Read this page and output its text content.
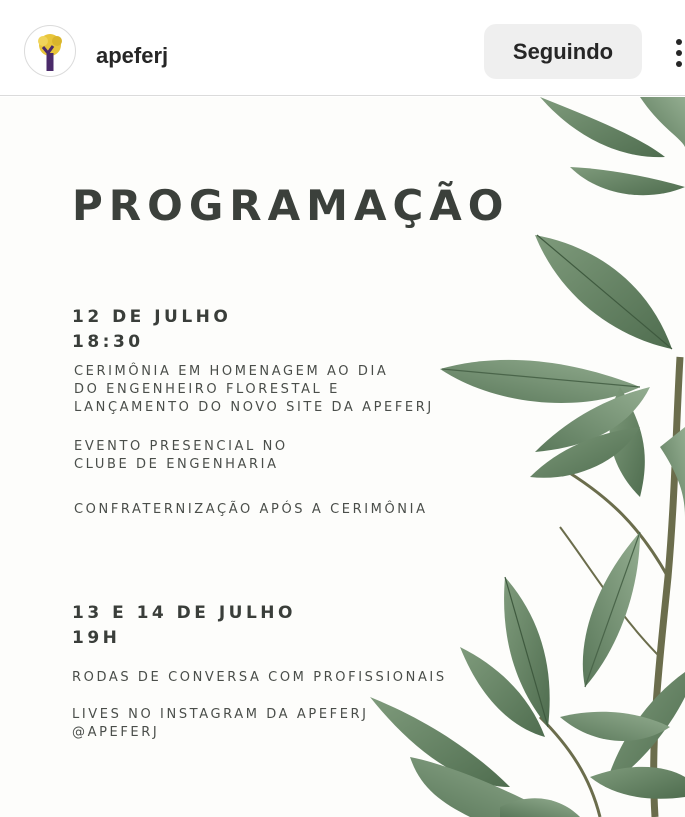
apeferj	Seguindo
PROGRAMAÇÃO
12 DE JULHO
18:30
CERIMÔNIA EM HOMENAGEM AO DIA
DO ENGENHEIRO FLORESTAL E
LANÇAMENTO DO NOVO SITE DA APEFERJ
EVENTO PRESENCIAL NO
CLUBE DE ENGENHARIA
CONFRATERNIZAÇÃO APÓS A CERIMÔNIA
13 E 14 DE JULHO
19H
RODAS DE CONVERSA COM PROFISSIONAIS
LIVES NO INSTAGRAM DA APEFERJ
@APEFERJ
